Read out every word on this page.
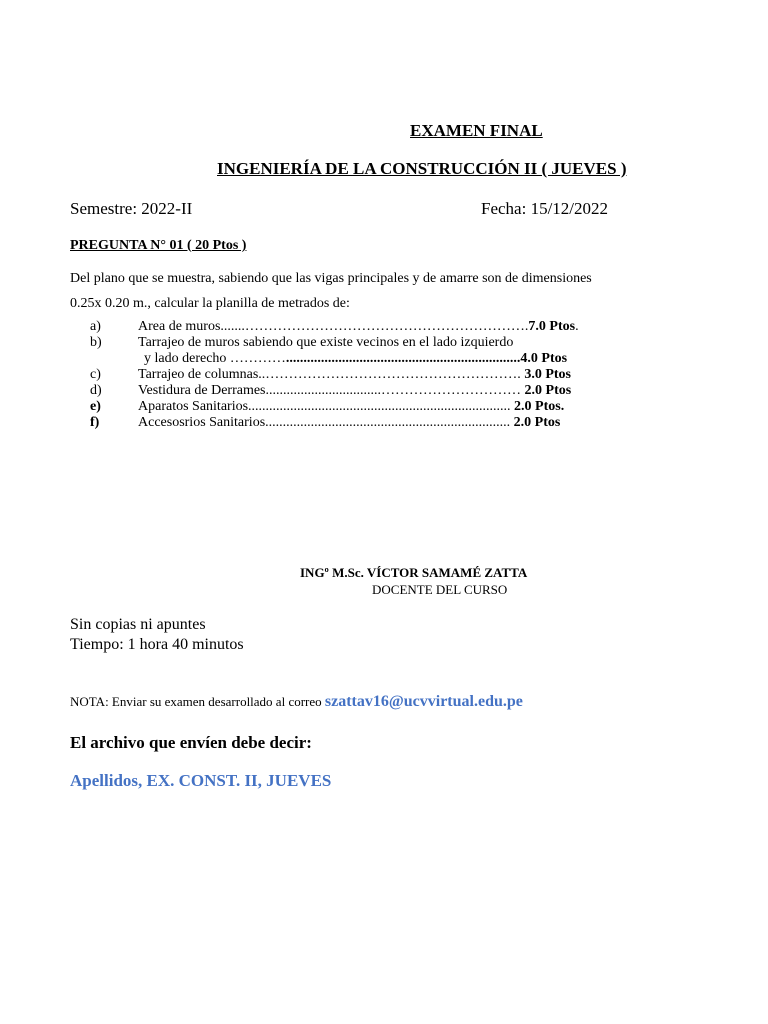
EXAMEN FINAL
INGENIERÍA DE LA CONSTRUCCIÓN II ( JUEVES )
Semestre: 2022-II	Fecha: 15/12/2022
PREGUNTA N° 01 ( 20 Ptos )
Del plano que se muestra, sabiendo que las vigas principales y de amarre son de dimensiones
0.25x 0.20 m., calcular la planilla de metrados de:
a)	Area de muros.......…………………………………………………….7.0 Ptos.
b)	Tarrajeo de muros sabiendo que existe vecinos en el lado izquierdo
y lado derecho ………… ................................................................... 4.0 Ptos
c)	Tarrajeo de columnas..………………………………………………. 3.0 Ptos
d)	Vestidura de Derrames.................................………………………… 2.0 Ptos
e)	Aparatos Sanitarios........................................................................... 2.0 Ptos.
f)	Accesosrios Sanitarios...................................................................... 2.0 Ptos
INGº M.Sc. VÍCTOR SAMAMÉ ZATTA
DOCENTE DEL CURSO
Sin copias ni apuntes
Tiempo: 1 hora 40 minutos
NOTA: Enviar su examen desarrollado al correo szattav16@ucvvirtual.edu.pe
El archivo que envíen debe decir:
Apellidos, EX. CONST. II, JUEVES
